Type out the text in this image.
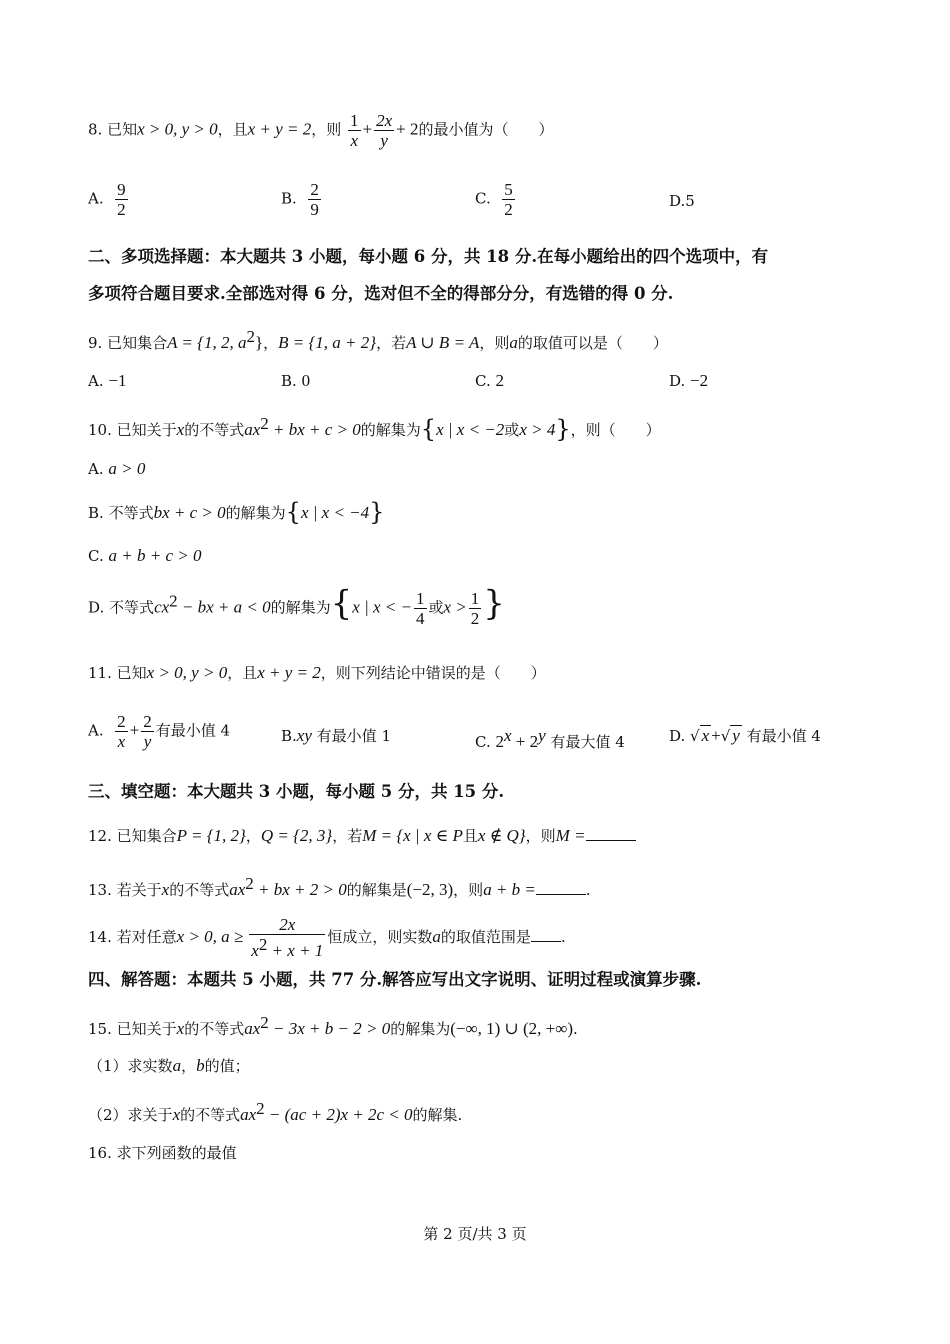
8. 已知x > 0, y > 0，且x + y = 2，则 $\frac{1}{x} + \frac{2x}{y} + 2$的最小值为（　　）
A. $\frac{9}{2}$	B. $\frac{2}{9}$	C. $\frac{5}{2}$	D.5
二、多项选择题：本大题共 3 小题，每小题 6 分，共 18 分.在每小题给出的四个选项中，有
多项符合题目要求.全部选对得 6 分，选对但不全的得部分分，有选错的得 0 分.
9. 已知集合A = {1, 2, $a^2$}，B = {1, a + 2}，若A ∪ B = A，则a的取值可以是（　　）
A. −1	B. 0	C. 2	D. −2
10. 已知关于x的不等式$ax^2$ + bx + c > 0的解集为{x | x < −2或x > 4}，则（　　）
A. a > 0
B. 不等式bx + c > 0的解集为{x | x < −4}
C. a + b + c > 0
D. 不等式$cx^2$ − bx + a < 0的解集为{x | x < − $\frac{1}{4}$ 或$x > \frac{1}{2}$ }
11. 已知x > 0, y > 0，且x + y = 2，则下列结论中错误的是（　　）
A. $\frac{2}{x} + \frac{2}{y}$ 有最小值 4	B.xy 有最小值 1	C. $2^x + 2^y$ 有最大值 4	D. √ x +√ y 有最小值 4
三、填空题：本大题共 3 小题，每小题 5 分，共 15 分.
12. 已知集合P = {1, 2}，Q = {2, 3}，若M = {x | x ∈ P且x ∉ Q}，则M =
13. 若关于x的不等式$ax^2$ + bx + 2 > 0的解集是(−2, 3)，则a + b =	.
14. 若对任意x > 0, $a \ge \frac{2x}{x^2 + x + 1}$ 恒成立，则实数a的取值范围是 .
四、解答题：本题共 5 小题，共 77 分.解答应写出文字说明、证明过程或演算步骤.
15. 已知关于x的不等式$ax^2 - 3x + b - 2 > 0$的解集为(−∞, 1) ∪ (2, +∞).
（1）求实数a，b的值；
（2）求关于x的不等式$ax^2 - (ac + 2)x + 2c < 0$的解集.
16. 求下列函数的最值
第 2 页/共 3 页
